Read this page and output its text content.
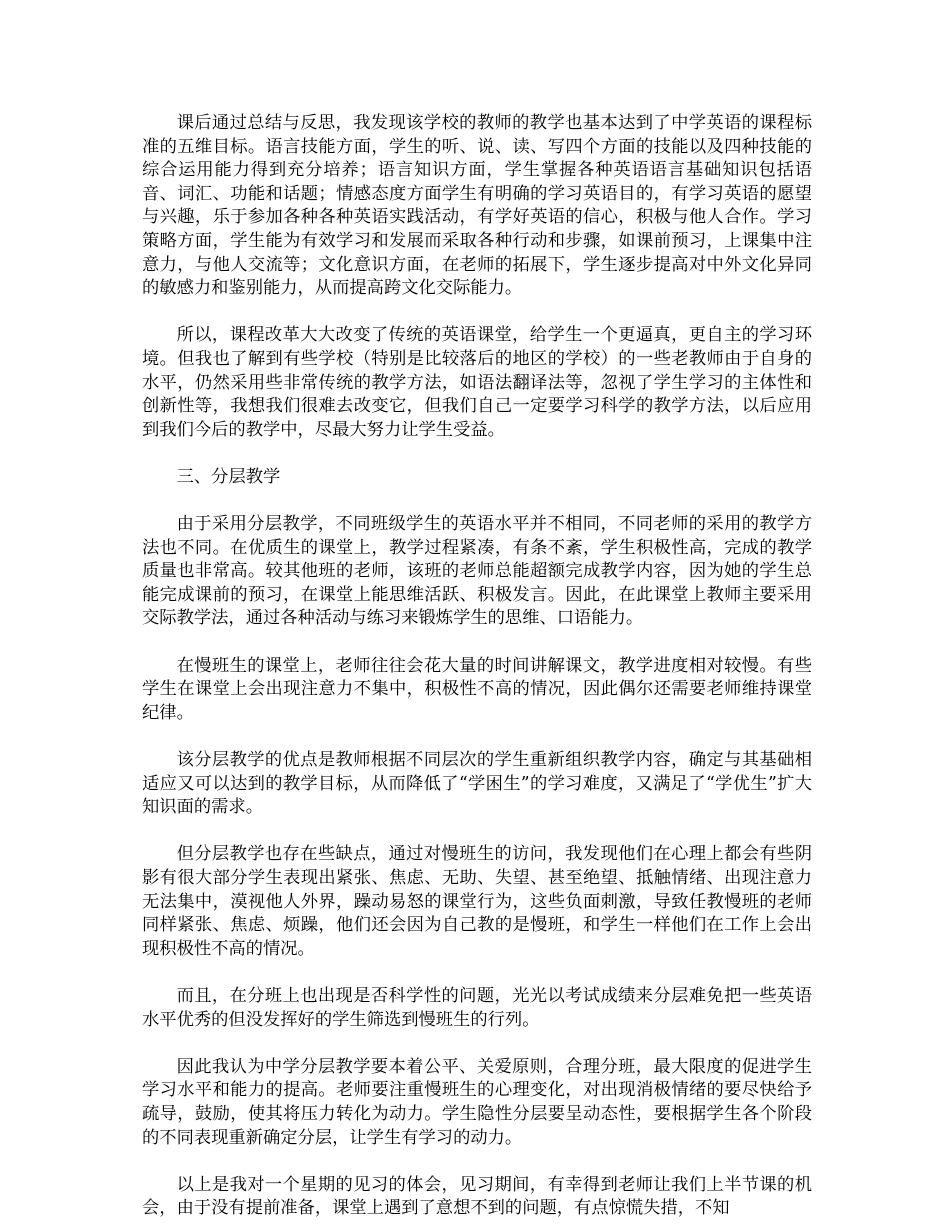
课后通过总结与反思，我发现该学校的教师的教学也基本达到了中学英语的课程标准的五维目标。语言技能方面，学生的听、说、读、写四个方面的技能以及四种技能的综合运用能力得到充分培养；语言知识方面，学生掌握各种英语语言基础知识包括语音、词汇、功能和话题；情感态度方面学生有明确的学习英语目的，有学习英语的愿望与兴趣，乐于参加各种各种英语实践活动，有学好英语的信心，积极与他人合作。学习策略方面，学生能为有效学习和发展而采取各种行动和步骤，如课前预习，上课集中注意力，与他人交流等；文化意识方面，在老师的拓展下，学生逐步提高对中外文化异同的敏感力和鉴别能力，从而提高跨文化交际能力。

所以，课程改革大大改变了传统的英语课堂，给学生一个更逼真，更自主的学习环境。但我也了解到有些学校（特别是比较落后的地区的学校）的一些老教师由于自身的水平，仍然采用些非常传统的教学方法，如语法翻译法等，忽视了学生学习的主体性和创新性等，我想我们很难去改变它，但我们自己一定要学习科学的教学方法，以后应用到我们今后的教学中，尽最大努力让学生受益。

三、分层教学

由于采用分层教学，不同班级学生的英语水平并不相同，不同老师的采用的教学方法也不同。在优质生的课堂上，教学过程紧凑，有条不紊，学生积极性高，完成的教学质量也非常高。较其他班的老师，该班的老师总能超额完成教学内容，因为她的学生总能完成课前的预习，在课堂上能思维活跃、积极发言。因此，在此课堂上教师主要采用交际教学法，通过各种活动与练习来锻炼学生的思维、口语能力。

在慢班生的课堂上，老师往往会花大量的时间讲解课文，教学进度相对较慢。有些学生在课堂上会出现注意力不集中，积极性不高的情况，因此偶尔还需要老师维持课堂纪律。

该分层教学的优点是教师根据不同层次的学生重新组织教学内容，确定与其基础相适应又可以达到的教学目标，从而降低了“学困生”的学习难度，又满足了“学优生”扩大知识面的需求。

但分层教学也存在些缺点，通过对慢班生的访问，我发现他们在心理上都会有些阴影有很大部分学生表现出紧张、焦虑、无助、失望、甚至绝望、抵触情绪、出现注意力无法集中，漠视他人外界，躁动易怒的课堂行为，这些负面刺激，导致任教慢班的老师同样紧张、焦虑、烦躁，他们还会因为自己教的是慢班，和学生一样他们在工作上会出现积极性不高的情况。

而且，在分班上也出现是否科学性的问题，光光以考试成绩来分层难免把一些英语水平优秀的但没发挥好的学生筛选到慢班生的行列。

因此我认为中学分层教学要本着公平、关爱原则，合理分班，最大限度的促进学生学习水平和能力的提高。老师要注重慢班生的心理变化，对出现消极情绪的要尽快给予疏导，鼓励，使其将压力转化为动力。学生隐性分层要呈动态性，要根据学生各个阶段的不同表现重新确定分层，让学生有学习的动力。

以上是我对一个星期的见习的体会，见习期间，有幸得到老师让我们上半节课的机会，由于没有提前准备，课堂上遇到了意想不到的问题，有点惊慌失措，不知
